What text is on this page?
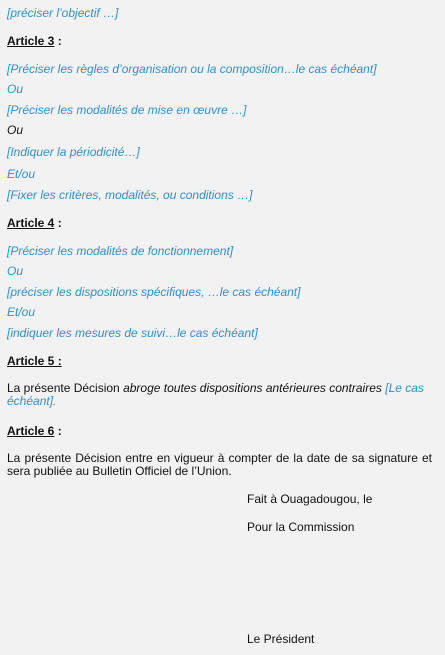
[préciser l’objectif …]
Article 3 :
[Préciser les règles d’organisation ou la composition…le cas échéant]
Ou
[Préciser les modalités de mise en œuvre …]
Ou
[Indiquer la périodicité…]
Et/ou
[Fixer les critères, modalités, ou conditions …]
Article 4 :
[Préciser les modalités de fonctionnement]
Ou
[préciser les dispositions spécifiques, …le cas échéant]
Et/ou
[indiquer les mesures de suivi…le cas échéant]
Article 5 :
La présente Décision abroge toutes dispositions antérieures contraires [Le cas échéant].
Article 6 :
La présente Décision entre en vigueur à compter de la date de sa signature et sera publiée au Bulletin Officiel de l’Union.
Fait à Ouagadougou, le
Pour la Commission
Le Président
